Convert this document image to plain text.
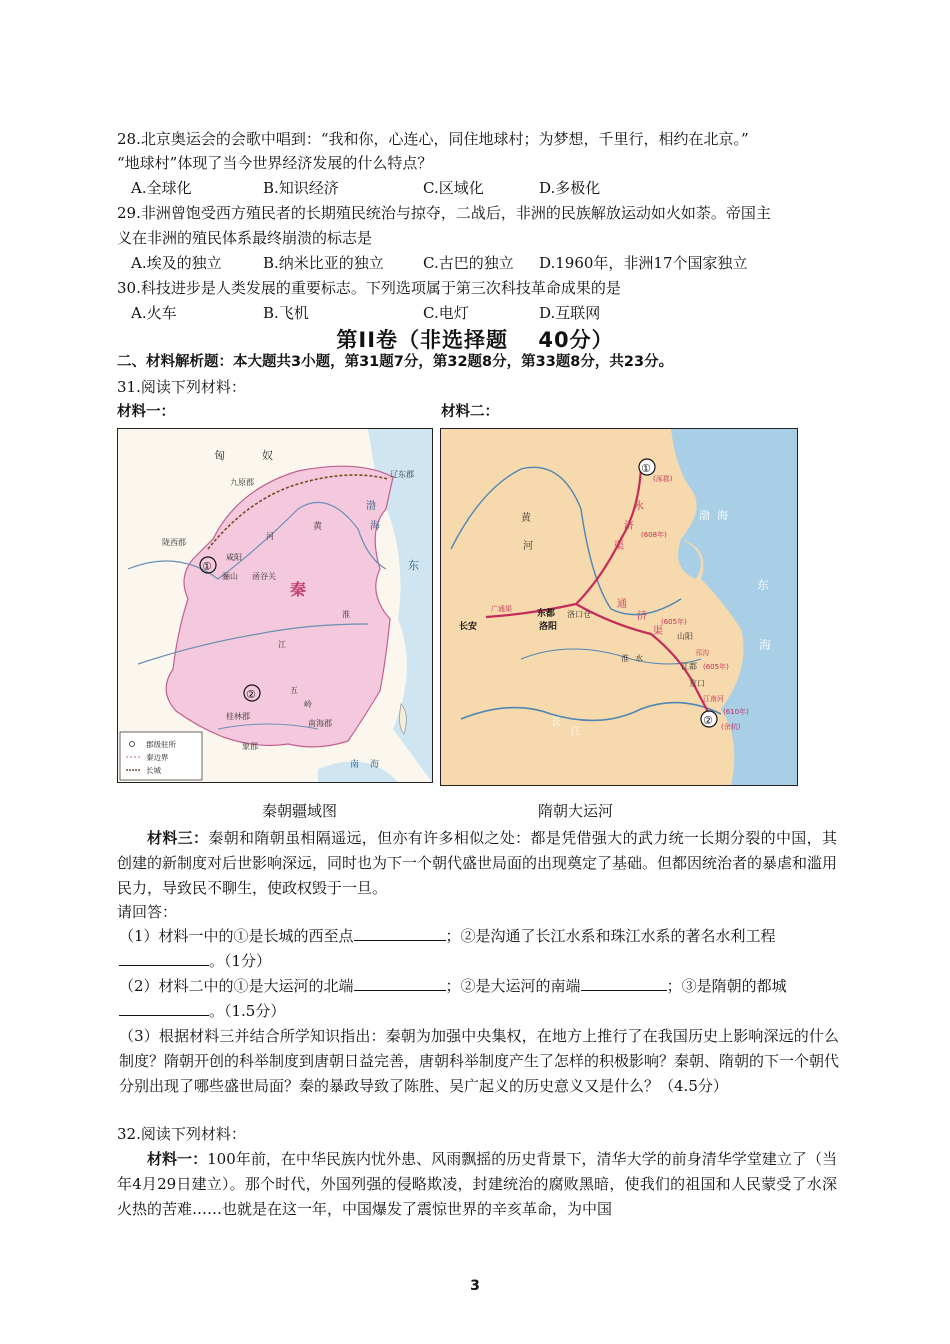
28.北京奥运会的会歌中唱到：“我和你，心连心，同住地球村；为梦想，千里行，相约在北京。”
“地球村”体现了当今世界经济发展的什么特点？
A.全球化	B.知识经济	C.区域化	D.多极化
29.非洲曾饱受西方殖民者的长期殖民统治与掠夺，二战后，非洲的民族解放运动如火如荼。帝国主
义在非洲的殖民体系最终崩溃的标志是
A.埃及的独立	B.纳米比亚的独立	C.古巴的独立	D.1960年，非洲17个国家独立
30.科技进步是人类发展的重要标志。下列选项属于第三次科技革命成果的是
A.火车	B.飞机	C.电灯	D.互联网
第II卷（非选择题　 40分）
二、材料解析题：本大题共3小题，第31题7分，第32题8分，第33题8分，共23分。
31.阅读下列材料：
材料一：	材料二：
郡级驻所
秦边界
长城
匈	奴
九原郡
辽东郡
陇西郡
咸阳
骊山 函谷关
秦
黄
渤
海
东
淮
江
五
岭
桂林郡
南海郡
象郡
南 海
河
①
②
黄
河
渤 海
东
海
永
济
渠
通
济
渠
长安
东都
洛阳
洛口仓
山阳
江都
京口
长
江
广通渠
(涿郡)
(余杭)
江南河
邗沟
淮 水
(608年)
(605年)
(605年)
(610年)
①
②
秦朝疆域图	隋朝大运河
材料三：秦朝和隋朝虽相隔遥远，但亦有许多相似之处：都是凭借强大的武力统一长期分裂的中国，其创建的新制度对后世影响深远，同时也为下一个朝代盛世局面的出现奠定了基础。但都因统治者的暴虐和滥用民力，导致民不聊生，使政权毁于一旦。
请回答：
（1）材料一中的①是长城的西至点	；②是沟通了长江水系和珠江水系的著名水利工程
。（1分）
（2）材料二中的①是大运河的北端	；②是大运河的南端	；③是隋朝的都城
。（1.5分）
（3）根据材料三并结合所学知识指出：秦朝为加强中央集权，在地方上推行了在我国历史上影响深远的什么制度？隋朝开创的科举制度到唐朝日益完善，唐朝科举制度产生了怎样的积极影响？秦朝、隋朝的下一个朝代分别出现了哪些盛世局面？秦的暴政导致了陈胜、吴广起义的历史意义又是什么？（4.5分）
32.阅读下列材料：
材料一：100年前，在中华民族内忧外患、风雨飘摇的历史背景下，清华大学的前身清华学堂建立了（当年4月29日建立）。那个时代，外国列强的侵略欺凌，封建统治的腐败黑暗，使我们的祖国和人民蒙受了水深火热的苦难……也就是在这一年，中国爆发了震惊世界的辛亥革命，为中国
3
